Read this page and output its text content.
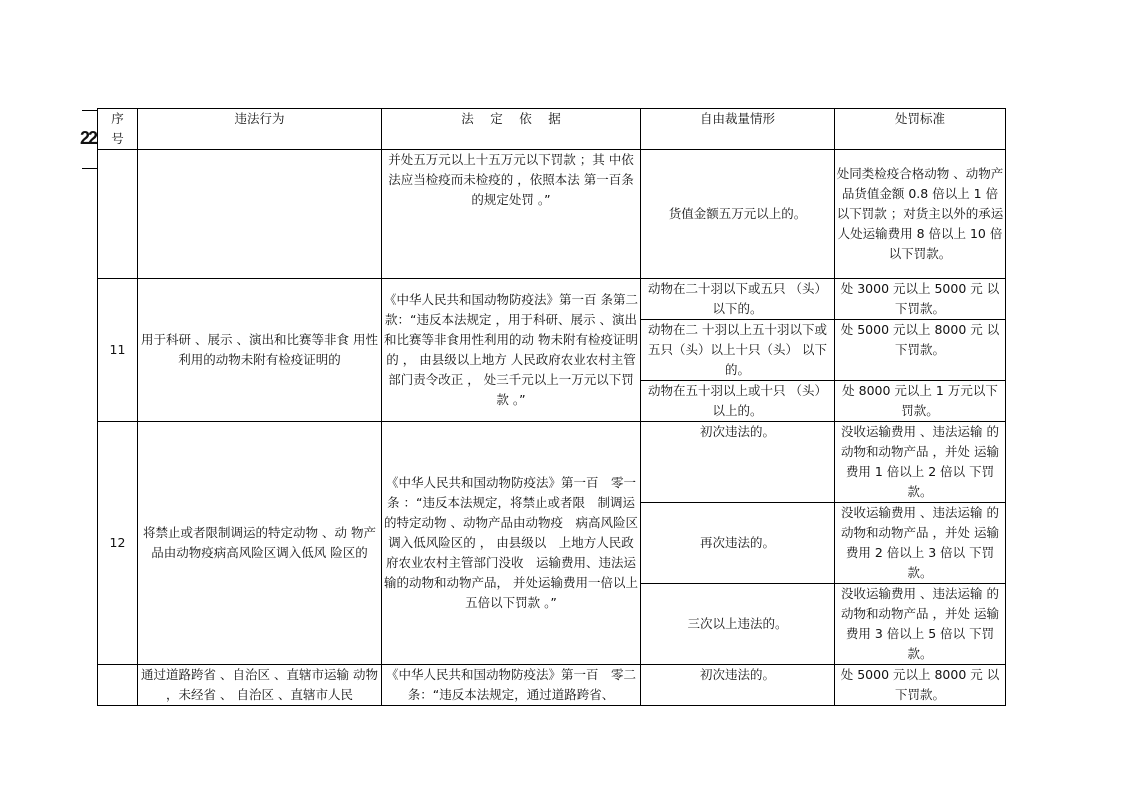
22
序
号	违法行为	法　 定　 依　 据	自由裁量情形	处罚标准
		并处五万元以上十五万元以下罚款 ；其 中依法应当检疫而未检疫的 ，依照本法 第一百条的规定处罚 。”	货值金额五万元以上的。	处同类检疫合格动物 、动物产品货值金额 0.8 倍以上 1 倍以下罚款 ；对货主以外的承运人处运输费用 8 倍以上 10 倍以下罚款。
11	用于科研 、展示 、演出和比赛等非食 用性利用的动物未附有检疫证明的	《中华人民共和国动物防疫法》第一百 条第二款：“违反本法规定 ，用于科研、展示 、演出和比赛等非食用性利用的动 物未附有检疫证明的 ， 由县级以上地方 人民政府农业农村主管部门责令改正 ， 处三千元以上一万元以下罚款 。”	动物在二十羽以下或五只 （头）以下的。	处 3000 元以上 5000 元 以下罚款。
			动物在二 十羽以上五十羽以下或五只（头）以上十只（头） 以下的。	处 5000 元以上 8000 元 以下罚款。
			动物在五十羽以上或十只 （头）以上的。	处 8000 元以上 1 万元以下罚款。
12	将禁止或者限制调运的特定动物 、动 物产品由动物疫病高风险区调入低风 险区的	《中华人民共和国动物防疫法》第一百　零一条 ：“违反本法规定，将禁止或者限　制调运的特定动物 、动物产品由动物疫　病高风险区调入低风险区的 ， 由县级以　上地方人民政府农业农村主管部门没收　运输费用、违法运输的动物和动物产品， 并处运输费用一倍以上五倍以下罚款 。”	初次违法的。	没收运输费用 、违法运输 的动物和动物产品 ，并处 运输费用 1 倍以上 2 倍以 下罚款。
			再次违法的。	没收运输费用 、违法运输 的动物和动物产品 ，并处 运输费用 2 倍以上 3 倍以 下罚款。
			三次以上违法的。	没收运输费用 、违法运输 的动物和动物产品 ，并处 运输费用 3 倍以上 5 倍以 下罚款。
	通过道路跨省 、自治区 、直辖市运输 动物 ，未经省 、 自治区 、直辖市人民	《中华人民共和国动物防疫法》第一百　零二条：“违反本法规定，通过道路跨省、	初次违法的。	处 5000 元以上 8000 元 以下罚款。
